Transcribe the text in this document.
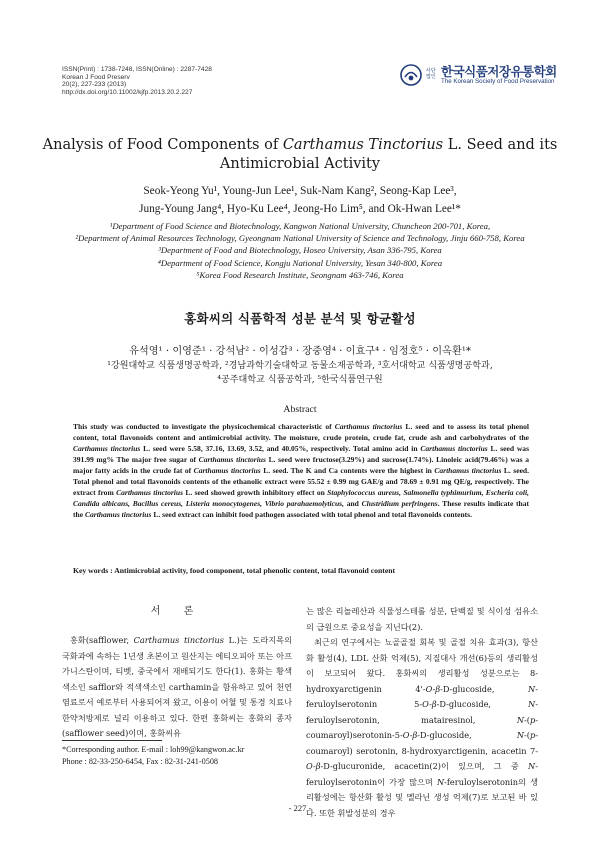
ISSN(Print) : 1738-7248, ISSN(Online) : 2287-7428
Korean J Food Preserv
20(2), 227-233 (2013)
http://dx.doi.org/10.11002/kjfp.2013.20.2.227
사단법인 한국식품저장유통학회
The Korean Society of Food Preservation
Analysis of Food Components of Carthamus Tinctorius L. Seed and its
Antimicrobial Activity
Seok-Yeong Yu¹, Young-Jun Lee¹, Suk-Nam Kang², Seong-Kap Lee³,
Jung-Young Jang⁴, Hyo-Ku Lee⁴, Jeong-Ho Lim⁵, and Ok-Hwan Lee¹*
¹Department of Food Science and Biotechnology, Kangwon National University, Chuncheon 200-701, Korea,
²Department of Animal Resources Technology, Gyeongnam National University of Science and Technology, Jinju 660-758, Korea
³Department of Food and Biotechnology, Hoseo University, Asan 336-795, Korea
⁴Department of Food Science, Kongju National University, Yesan 340-800, Korea
⁵Korea Food Research Institute, Seongnam 463-746, Korea
홍화씨의 식품학적 성분 분석 및 항균활성
유석영¹ · 이영준¹ · 강석남² · 이성갑³ · 장중영⁴ · 이효구⁴ · 임정호⁵ · 이옥환¹*
¹강원대학교 식품생명공학과, ²경남과학기술대학교 동물소재공학과, ³호서대학교 식품생명공학과,
⁴공주대학교 식품공학과, ⁵한국식품연구원
Abstract
This study was conducted to investigate the physicochemical characteristic of Carthamus tinctorius L. seed and to assess its total phenol content, total flavonoids content and antimicrobial activity. The moisture, crude protein, crude fat, crude ash and carbohydrates of the Carthamus tinctorius L. seed were 5.58, 37.16, 13.69, 3.52, and 40.05%, respectively. Total amino acid in Carthamus tinctorius L. seed was 391.99 mg% The major free sugar of Carthamus tinctorius L. seed were fructose(3.29%) and sucrose(1.74%). Linoleic acid(79.46%) was a major fatty acids in the crude fat of Carthamus tinctorius L. seed. The K and Ca contents were the highest in Carthamus tinctorius L. seed. Total phenol and total flavonoids contents of the ethanolic extract were 55.52 ± 0.99 mg GAE/g and 78.69 ± 0.91 mg QE/g, respectively. The extract from Carthamus tinctorius L. seed showed growth inhibitory effect on Staphylococcus aureus, Salmonella typhimurium, Escheria coli, Candida albicans, Bacillus cereus, Listeria monocytogenes, Vibrio parahaemolyticus, and Clustridium perfringens. These results indicate that the Carthamus tinctorius L. seed extract can inhibit food pathogen associated with total phenol and total flavonoids contents.
Key words : Antimicrobial activity, food component, total phenolic content, total flavonoid content
서 론

홍화(safflower, Carthamus tinctorius L.)는 도라지목의 국화과에 속하는 1년생 초본이고 원산지는 에티오피아 또는 아프가니스탄이며, 티벳, 중국에서 재배되기도 한다(1). 홍화는 황색색소인 safflor와 적색색소인 carthamin을 함유하고 있어 천연 염료로서 예로부터 사용되어져 왔고, 이용이 어혈 및 통경 치료나 한약처방제로 널리 이용하고 있다. 한편 홍화씨는 홍화의 종자(safflower seed)이며, 홍화씨유

는 많은 리놀레산과 식물성스테롤 성분, 단백질 및 식이성 섬유소의 급원으로 중요성을 지닌다(2).

최근의 연구에서는 뇨골골절 회복 및 골절 치유 효과(3), 항산화 활성(4), LDL 산화 억제(5), 지질대사 개선(6)등의 생리활성이 보고되어 왔다. 홍화씨의 생리활성 성분으로는 8-hydroxyarctigenin 4'-O-β-D-glucoside, N-feruloylserotonin 5-O-β-D-glucoside, N-feruloylserotonin, matairesinol, N-(p-coumaroyl)serotonin-5-O-β-D-glucoside, N-(p-coumaroyl) serotonin, 8-hydroxyarctigenin, acacetin 7-O-β-D-glucuronide, acacetin(2)이 있으며, 그 중 N-feruloylserotonin이 가장 많으며 N-feruloylserotonin의 생리활성에는 항산화 활성 및 멜라닌 생성 억제(7)로 보고된 바 있다. 또한 휘발성분의 경우

*Corresponding author. E-mail : loh99@kangwon.ac.kr
Phone : 82-33-250-6454, Fax : 82-31-241-0508
- 227 -
